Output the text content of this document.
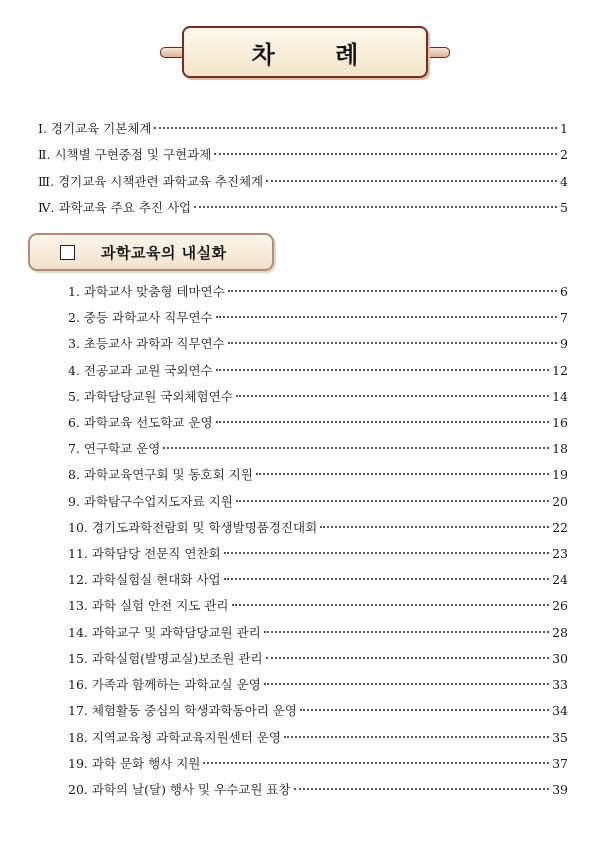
차 례
Ⅰ. 경기교육 기본체계	1
Ⅱ. 시책별 구현중점 및 구현과제	2
Ⅲ. 경기교육 시책관련 과학교육 추진체계	4
Ⅳ. 과학교육 주요 추진 사업	5
과학교육의 내실화
1. 과학교사 맞춤형 테마연수	6
2. 중등 과학교사 직무연수	7
3. 초등교사 과학과 직무연수	9
4. 전공교과 교원 국외연수	12
5. 과학담당교원 국외체험연수	14
6. 과학교육 선도학교 운영	16
7. 연구학교 운영	18
8. 과학교육연구회 및 동호회 지원	19
9. 과학탐구수업지도자료 지원	20
10. 경기도과학전람회 및 학생발명품경진대회	22
11. 과학담당 전문직 연찬회	23
12. 과학실험실 현대화 사업	24
13. 과학 실험 안전 지도 관리	26
14. 과학교구 및 과학담당교원 관리	28
15. 과학실험(발명교실)보조원 관리	30
16. 가족과 함께하는 과학교실 운영	33
17. 체험활동 중심의 학생과학동아리 운영	34
18. 지역교육청 과학교육지원센터 운영	35
19. 과학 문화 행사 지원	37
20. 과학의 날(달) 행사 및 우수교원 표창	39
